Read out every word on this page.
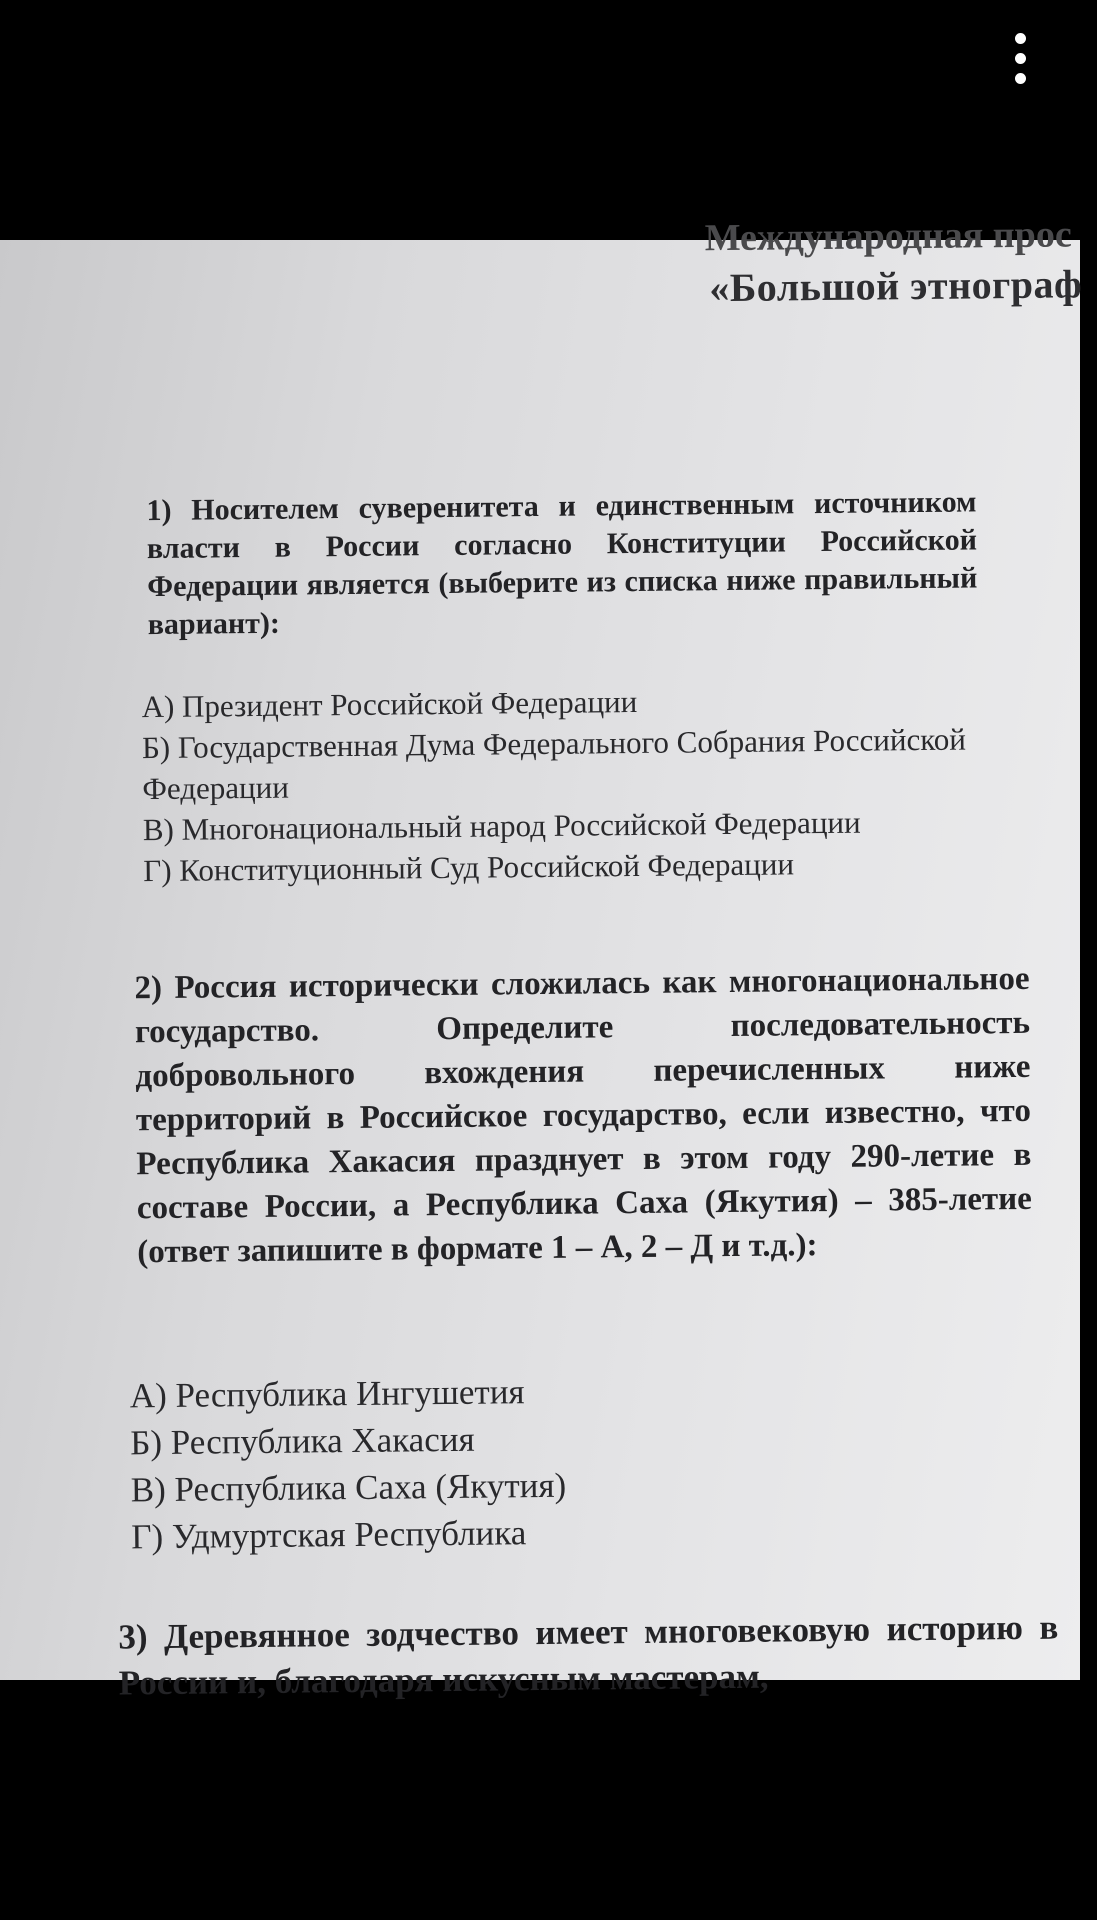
Международная прос

«Большой этнограф

1) Носителем суверенитета и единственным источником власти в России согласно Конституции Российской Федерации является (выберите из списка ниже правильный вариант):

А) Президент Российской Федерации
Б) Государственная Дума Федерального Собрания Российской Федерации
В) Многонациональный народ Российской Федерации
Г) Конституционный Суд Российской Федерации

2) Россия исторически сложилась как многонациональное государство. Определите последовательность добровольного вхождения перечисленных ниже территорий в Российское государство, если известно, что Республика Хакасия празднует в этом году 290-летие в составе России, а Республика Саха (Якутия) – 385-летие (ответ запишите в формате 1 – А, 2 – Д и т.д.):

А) Республика Ингушетия
Б) Республика Хакасия
В) Республика Саха (Якутия)
Г) Удмуртская Республика

3) Деревянное зодчество имеет многовековую историю в России и, благодаря искусным мастерам,
